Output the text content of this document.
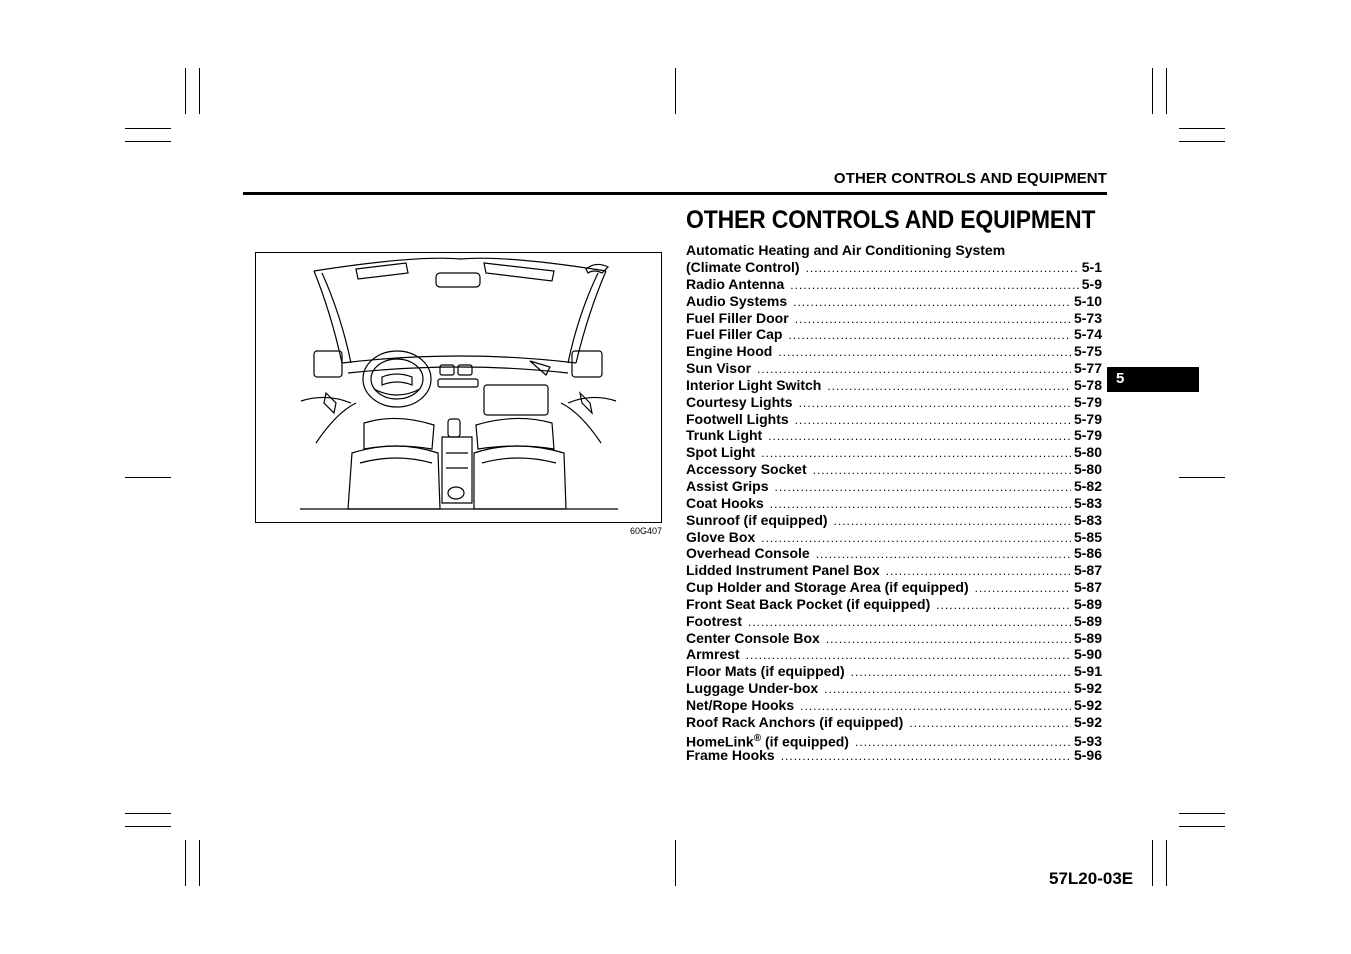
OTHER CONTROLS AND EQUIPMENT
OTHER CONTROLS AND EQUIPMENT
Automatic Heating and Air Conditioning System
(Climate Control) .....	5-1
Radio Antenna .....	5-9
Audio Systems .....	5-10
Fuel Filler Door .....	5-73
Fuel Filler Cap .....	5-74
Engine Hood .....	5-75
Sun Visor .....	5-77
Interior Light Switch .....	5-78
Courtesy Lights .....	5-79
Footwell Lights .....	5-79
Trunk Light .....	5-79
Spot Light .....	5-80
Accessory Socket .....	5-80
Assist Grips .....	5-82
Coat Hooks .....	5-83
Sunroof (if equipped) .....	5-83
Glove Box .....	5-85
Overhead Console .....	5-86
Lidded Instrument Panel Box .....	5-87
Cup Holder and Storage Area (if equipped) .....	5-87
Front Seat Back Pocket (if equipped) .....	5-89
Footrest .....	5-89
Center Console Box .....	5-89
Armrest .....	5-90
Floor Mats (if equipped) .....	5-91
Luggage Under-box .....	5-92
Net/Rope Hooks .....	5-92
Roof Rack Anchors (if equipped) .....	5-92
HomeLink® (if equipped) .....	5-93
Frame Hooks .....	5-96
5
60G407
57L20-03E
